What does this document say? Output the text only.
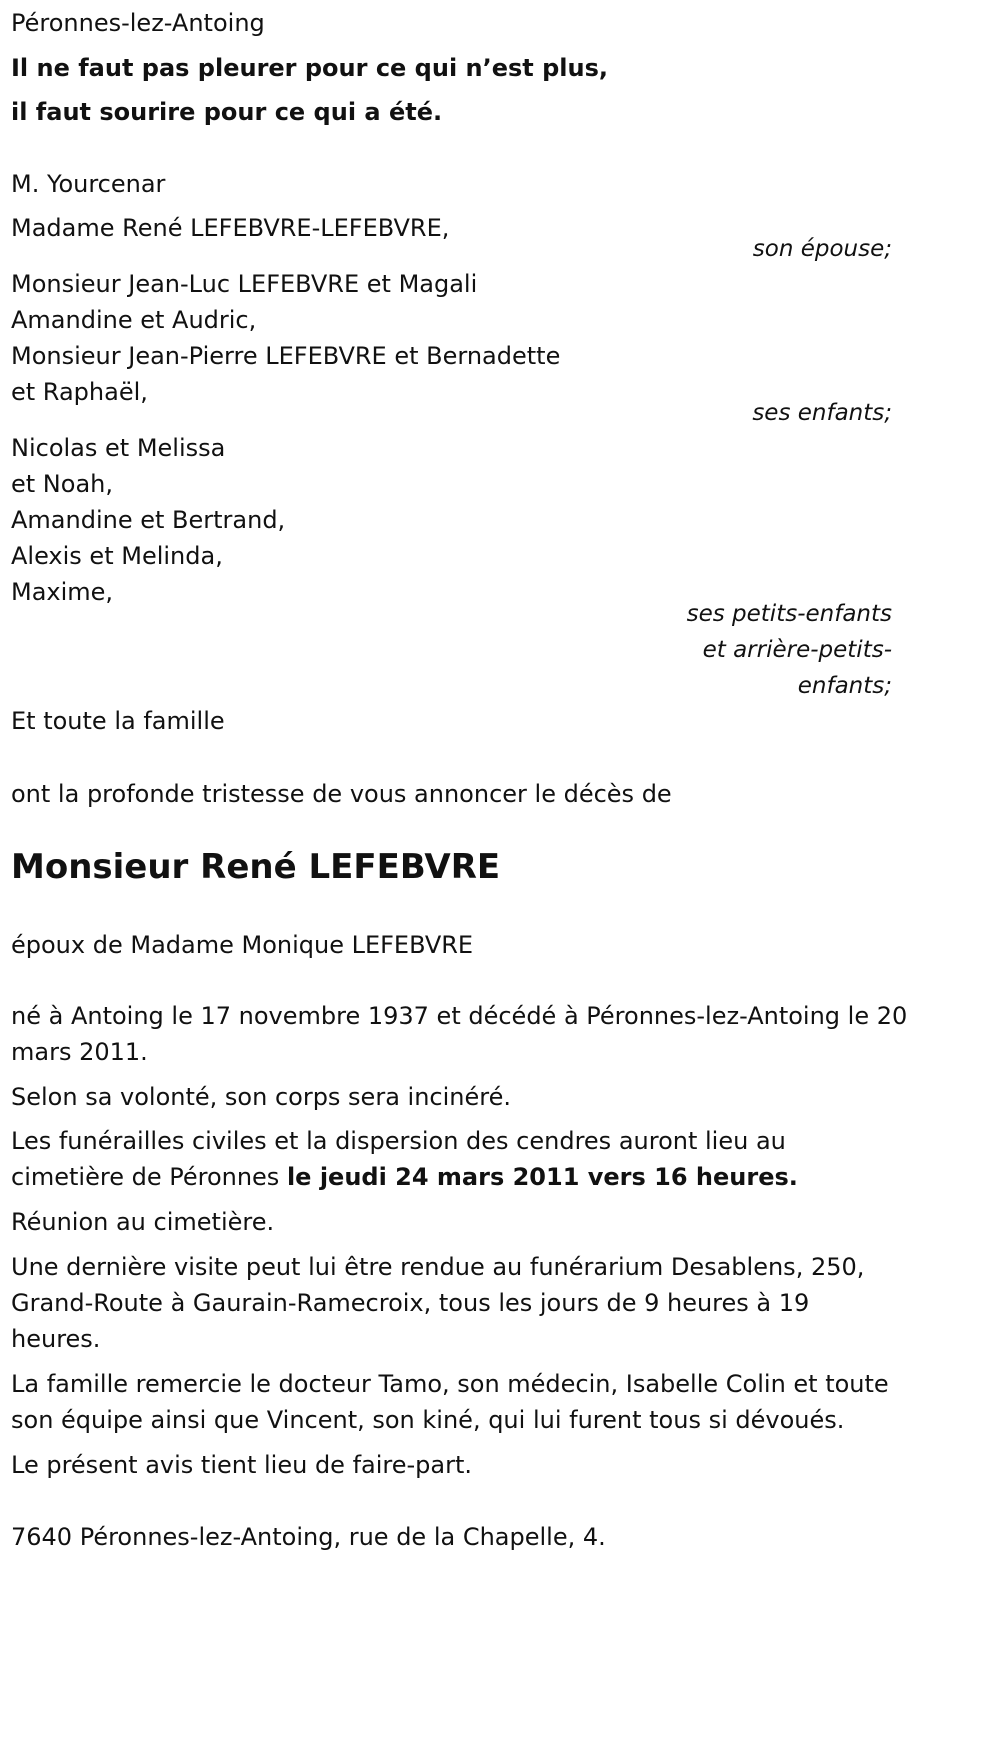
Péronnes-lez-Antoing
Il ne faut pas pleurer pour ce qui n’est plus,
il faut sourire pour ce qui a été.
M. Yourcenar
Madame René LEFEBVRE-LEFEBVRE,
son épouse;
Monsieur Jean-Luc LEFEBVRE et Magali
Amandine et Audric,
Monsieur Jean-Pierre LEFEBVRE et Bernadette
et Raphaël,
ses enfants;
Nicolas et Melissa
et Noah,
Amandine et Bertrand,
Alexis et Melinda,
Maxime,
ses petits-enfants
et arrière-petits-
enfants;
Et toute la famille
ont la profonde tristesse de vous annoncer le décès de
Monsieur René LEFEBVRE
époux de Madame Monique LEFEBVRE
né à Antoing le 17 novembre 1937 et décédé à Péronnes-lez-Antoing le 20
mars 2011.
Selon sa volonté, son corps sera incinéré.
Les funérailles civiles et la dispersion des cendres auront lieu au
cimetière de Péronnes le jeudi 24 mars 2011 vers 16 heures.
Réunion au cimetière.
Une dernière visite peut lui être rendue au funérarium Desablens, 250,
Grand-Route à Gaurain-Ramecroix, tous les jours de 9 heures à 19
heures.
La famille remercie le docteur Tamo, son médecin, Isabelle Colin et toute
son équipe ainsi que Vincent, son kiné, qui lui furent tous si dévoués.
Le présent avis tient lieu de faire-part.
7640 Péronnes-lez-Antoing, rue de la Chapelle, 4.
